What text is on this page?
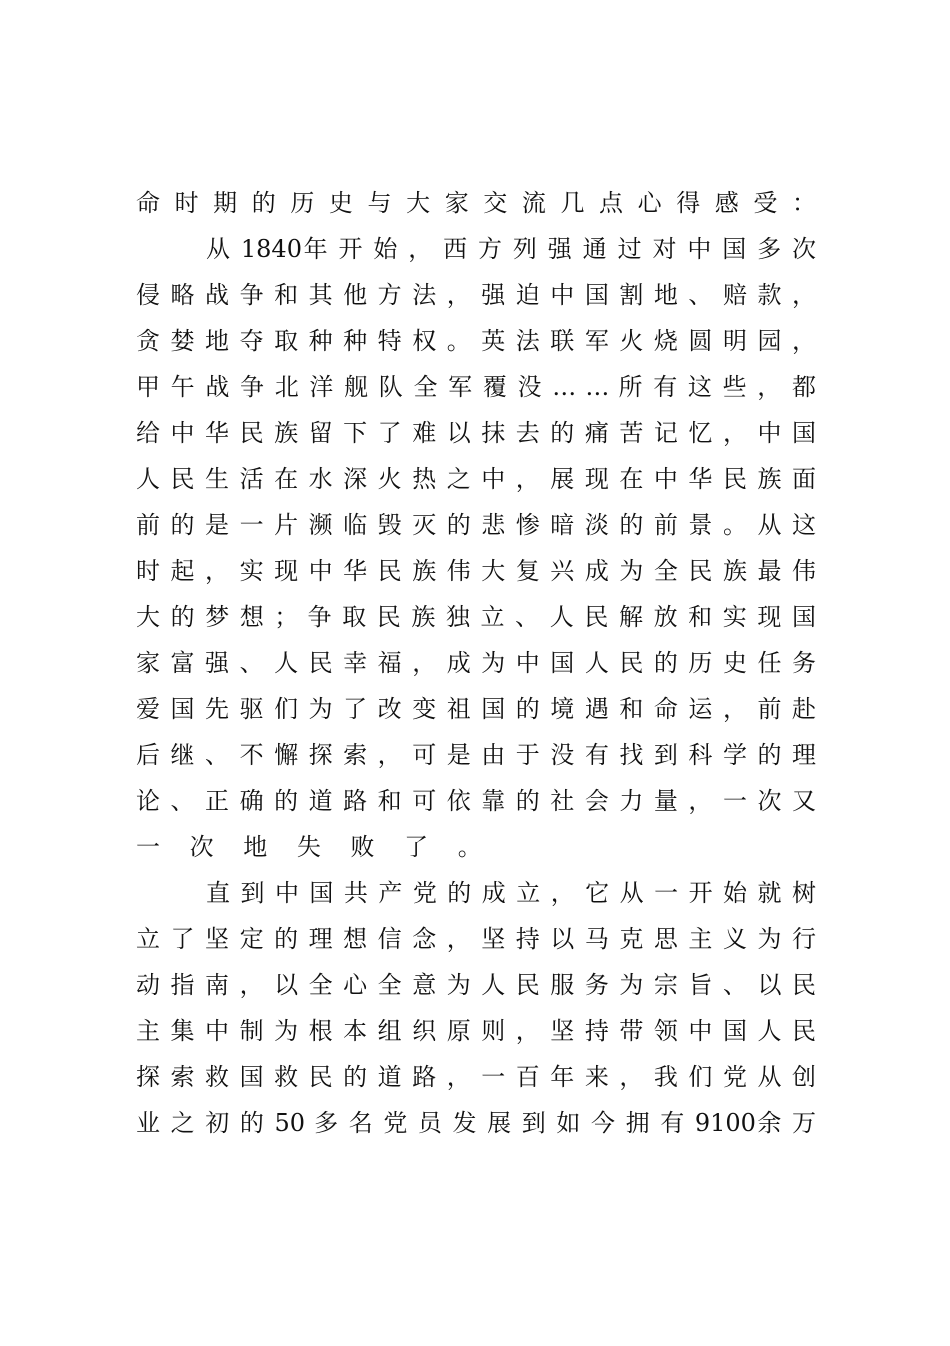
命 时 期 的 历 史 与 大 家 交 流 几 点 心 得 感 受 ：
从 1840年 开 始 ， 西 方 列 强 通 过 对 中 国 多 次
侵 略 战 争 和 其 他 方 法 ， 强 迫 中 国 割 地 、 赔 款 ，
贪 婪 地 夺 取 种 种 特 权 。 英 法 联 军 火 烧 圆 明 园 ，
甲 午 战 争 北 洋 舰 队 全 军 覆 没 … … 所 有 这 些 ， 都
给 中 华 民 族 留 下 了 难 以 抹 去 的 痛 苦 记 忆 ， 中 国
人 民 生 活 在 水 深 火 热 之 中 ， 展 现 在 中 华 民 族 面
前 的 是 一 片 濒 临 毁 灭 的 悲 惨 暗 淡 的 前 景 。 从 这
时 起 ， 实 现 中 华 民 族 伟 大 复 兴 成 为 全 民 族 最 伟
大 的 梦 想 ； 争 取 民 族 独 立 、 人 民 解 放 和 实 现 国
家 富 强 、 人 民 幸 福 ， 成 为 中 国 人 民 的 历 史 任 务
爱 国 先 驱 们 为 了 改 变 祖 国 的 境 遇 和 命 运 ， 前 赴
后 继 、 不 懈 探 索 ， 可 是 由 于 没 有 找 到 科 学 的 理
论 、 正 确 的 道 路 和 可 依 靠 的 社 会 力 量 ， 一 次 又
一 次 地 失 败 了 。
直 到 中 国 共 产 党 的 成 立 ， 它 从 一 开 始 就 树
立 了 坚 定 的 理 想 信 念 ， 坚 持 以 马 克 思 主 义 为 行
动 指 南 ， 以 全 心 全 意 为 人 民 服 务 为 宗 旨 、 以 民
主 集 中 制 为 根 本 组 织 原 则 ， 坚 持 带 领 中 国 人 民
探 索 救 国 救 民 的 道 路 ， 一 百 年 来 ， 我 们 党 从 创
业 之 初 的 50 多 名 党 员 发 展 到 如 今 拥 有 9100余 万
